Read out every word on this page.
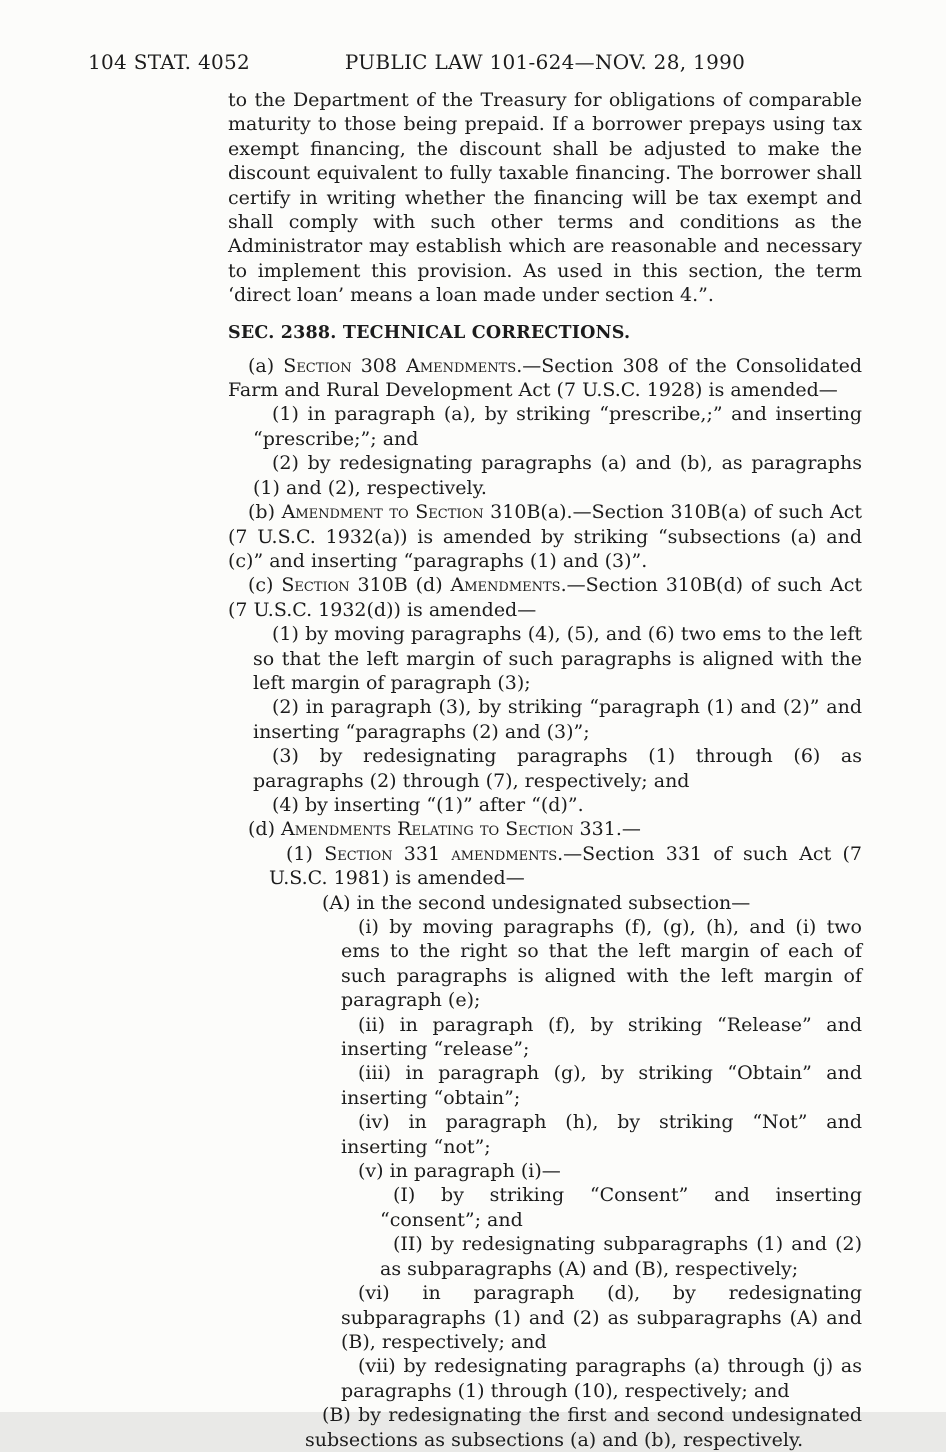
104 STAT. 4052	PUBLIC LAW 101-624—NOV. 28, 1990

to the Department of the Treasury for obligations of comparable maturity to those being prepaid. If a borrower prepays using tax exempt financing, the discount shall be adjusted to make the discount equivalent to fully taxable financing. The borrower shall certify in writing whether the financing will be tax exempt and shall comply with such other terms and conditions as the Administrator may establish which are reasonable and necessary to implement this provision. As used in this section, the term ‘direct loan’ means a loan made under section 4.”.

SEC. 2388. TECHNICAL CORRECTIONS.

(a) Section 308 Amendments.—Section 308 of the Consolidated Farm and Rural Development Act (7 U.S.C. 1928) is amended—

(1) in paragraph (a), by striking “prescribe,;” and inserting “prescribe;”; and

(2) by redesignating paragraphs (a) and (b), as paragraphs (1) and (2), respectively.

(b) Amendment to Section 310B(a).—Section 310B(a) of such Act (7 U.S.C. 1932(a)) is amended by striking “subsections (a) and (c)” and inserting “paragraphs (1) and (3)”.

(c) Section 310B (d) Amendments.—Section 310B(d) of such Act (7 U.S.C. 1932(d)) is amended—

(1) by moving paragraphs (4), (5), and (6) two ems to the left so that the left margin of such paragraphs is aligned with the left margin of paragraph (3);

(2) in paragraph (3), by striking “paragraph (1) and (2)” and inserting “paragraphs (2) and (3)”;

(3) by redesignating paragraphs (1) through (6) as paragraphs (2) through (7), respectively; and

(4) by inserting “(1)” after “(d)”.

(d) Amendments Relating to Section 331.—

(1) Section 331 amendments.—Section 331 of such Act (7 U.S.C. 1981) is amended—

(A) in the second undesignated subsection—

(i) by moving paragraphs (f), (g), (h), and (i) two ems to the right so that the left margin of each of such paragraphs is aligned with the left margin of paragraph (e);

(ii) in paragraph (f), by striking “Release” and inserting “release”;

(iii) in paragraph (g), by striking “Obtain” and inserting “obtain”;

(iv) in paragraph (h), by striking “Not” and inserting “not”;

(v) in paragraph (i)—

(I) by striking “Consent” and inserting “consent”; and

(II) by redesignating subparagraphs (1) and (2) as subparagraphs (A) and (B), respectively;

(vi) in paragraph (d), by redesignating subparagraphs (1) and (2) as subparagraphs (A) and (B), respectively; and

(vii) by redesignating paragraphs (a) through (j) as paragraphs (1) through (10), respectively; and

(B) by redesignating the first and second undesignated subsections as subsections (a) and (b), respectively.
